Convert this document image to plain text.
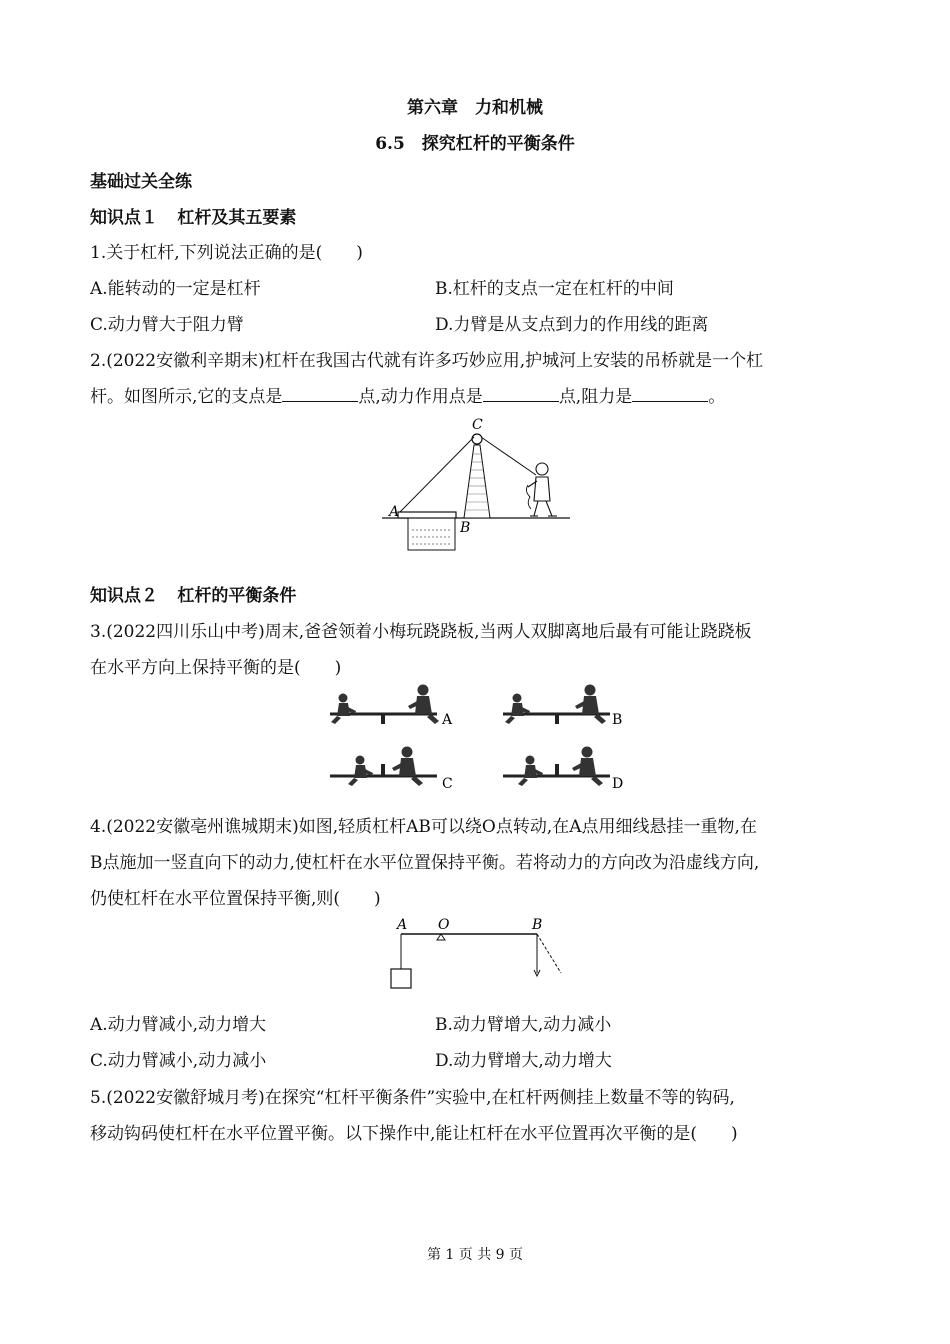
第六章　力和机械
6.5　探究杠杆的平衡条件
基础过关全练
知识点１ 杠杆及其五要素
1.关于杠杆,下列说法正确的是( )
A.能转动的一定是杠杆	B.杠杆的支点一定在杠杆的中间
C.动力臂大于阻力臂	D.力臂是从支点到力的作用线的距离
2.(2022安徽利辛期末)杠杆在我国古代就有许多巧妙应用,护城河上安装的吊桥就是一个杠
杆。如图所示,它的支点是	点,动力作用点是	点,阻力是	。
A
B
C
知识点２ 杠杆的平衡条件
3.(2022四川乐山中考)周末,爸爸领着小梅玩跷跷板,当两人双脚离地后最有可能让跷跷板
在水平方向上保持平衡的是( )
A	B
C	D
4.(2022安徽亳州谯城期末)如图,轻质杠杆AB可以绕O点转动,在A点用细线悬挂一重物,在
B点施加一竖直向下的动力,使杠杆在水平位置保持平衡。若将动力的方向改为沿虚线方向,
仍使杠杆在水平位置保持平衡,则( )
A O	B
A.动力臂减小,动力增大	B.动力臂增大,动力减小
C.动力臂减小,动力减小	D.动力臂增大,动力增大
5.(2022安徽舒城月考)在探究“杠杆平衡条件”实验中,在杠杆两侧挂上数量不等的钩码,
移动钩码使杠杆在水平位置平衡。以下操作中,能让杠杆在水平位置再次平衡的是( )
第 1 页 共 9 页
